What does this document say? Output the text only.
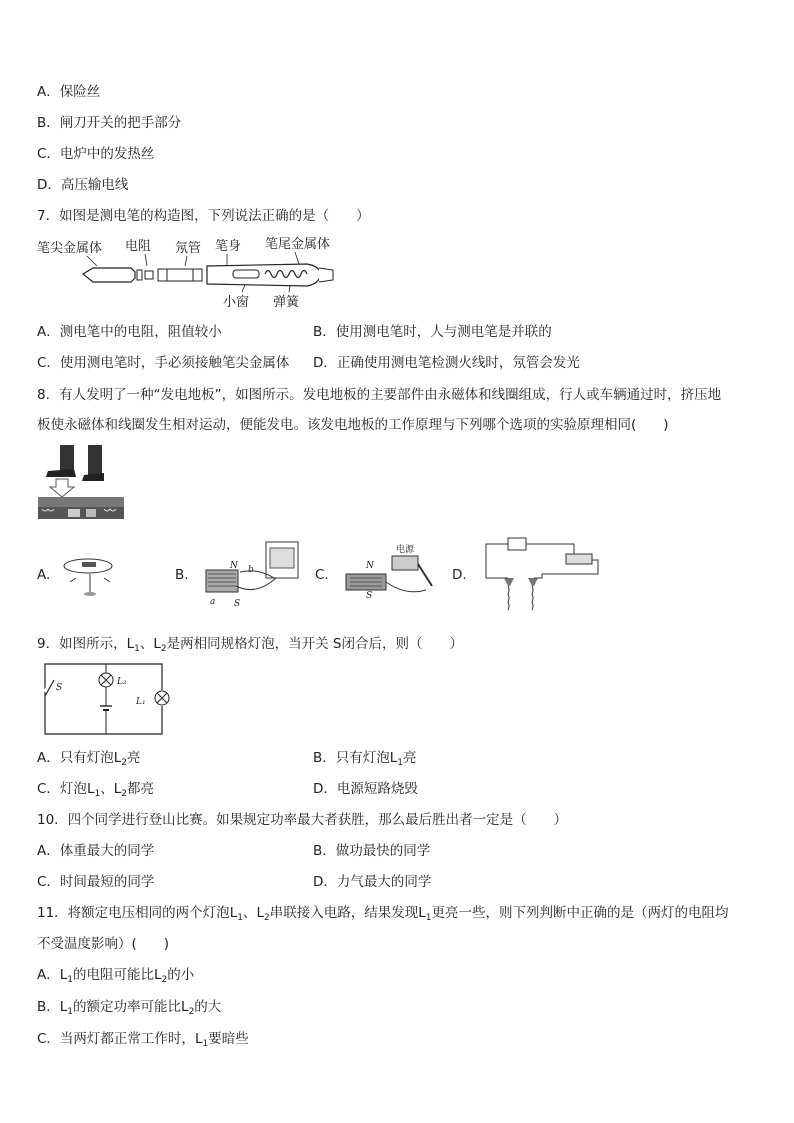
A．保险丝
B．闸刀开关的把手部分
C．电炉中的发热丝
D．高压输电线
7．如图是测电笔的构造图，下列说法正确的是（　　）
笔尖金属体 电阻 氖管 笔身 笔尾金属体
小窗 弹簧
A．测电笔中的电阻，阻值较小	B．使用测电笔时，人与测电笔是并联的
C．使用测电笔时，手必须接触笔尖金属体 D．正确使用测电笔检测火线时，氖管会发光
8．有人发明了一种“发电地板”，如图所示。发电地板的主要部件由永磁体和线圈组成，行人或车辆通过时，挤压地
板使永磁体和线圈发生相对运动，便能发电。该发电地板的工作原理与下列哪个选项的实验原理相同(　　)
A.	B.
N b
a S
C.
电源
N
S
D.
9．如图所示，$L_1$、$L_2$是两相同规格灯泡，当开关 S闭合后，则（　　）
S
L₂
L₁
A．只有灯泡$L_2$亮	B．只有灯泡$L_1$亮
C．灯泡$L_1$、$L_2$都亮	D．电源短路烧毁
10．四个同学进行登山比赛。如果规定功率最大者获胜，那么最后胜出者一定是（　　）
A．体重最大的同学	B．做功最快的同学
C．时间最短的同学	D．力气最大的同学
11．将额定电压相同的两个灯泡$L_1$、$L_2$串联接入电路，结果发现$L_1$更亮一些，则下列判断中正确的是（两灯的电阻均
不受温度影响）(　　)
A．$L_1$的电阻可能比$L_2$的小
B．$L_1$的额定功率可能比$L_2$的大
C．当两灯都正常工作时，$L_1$要暗些
